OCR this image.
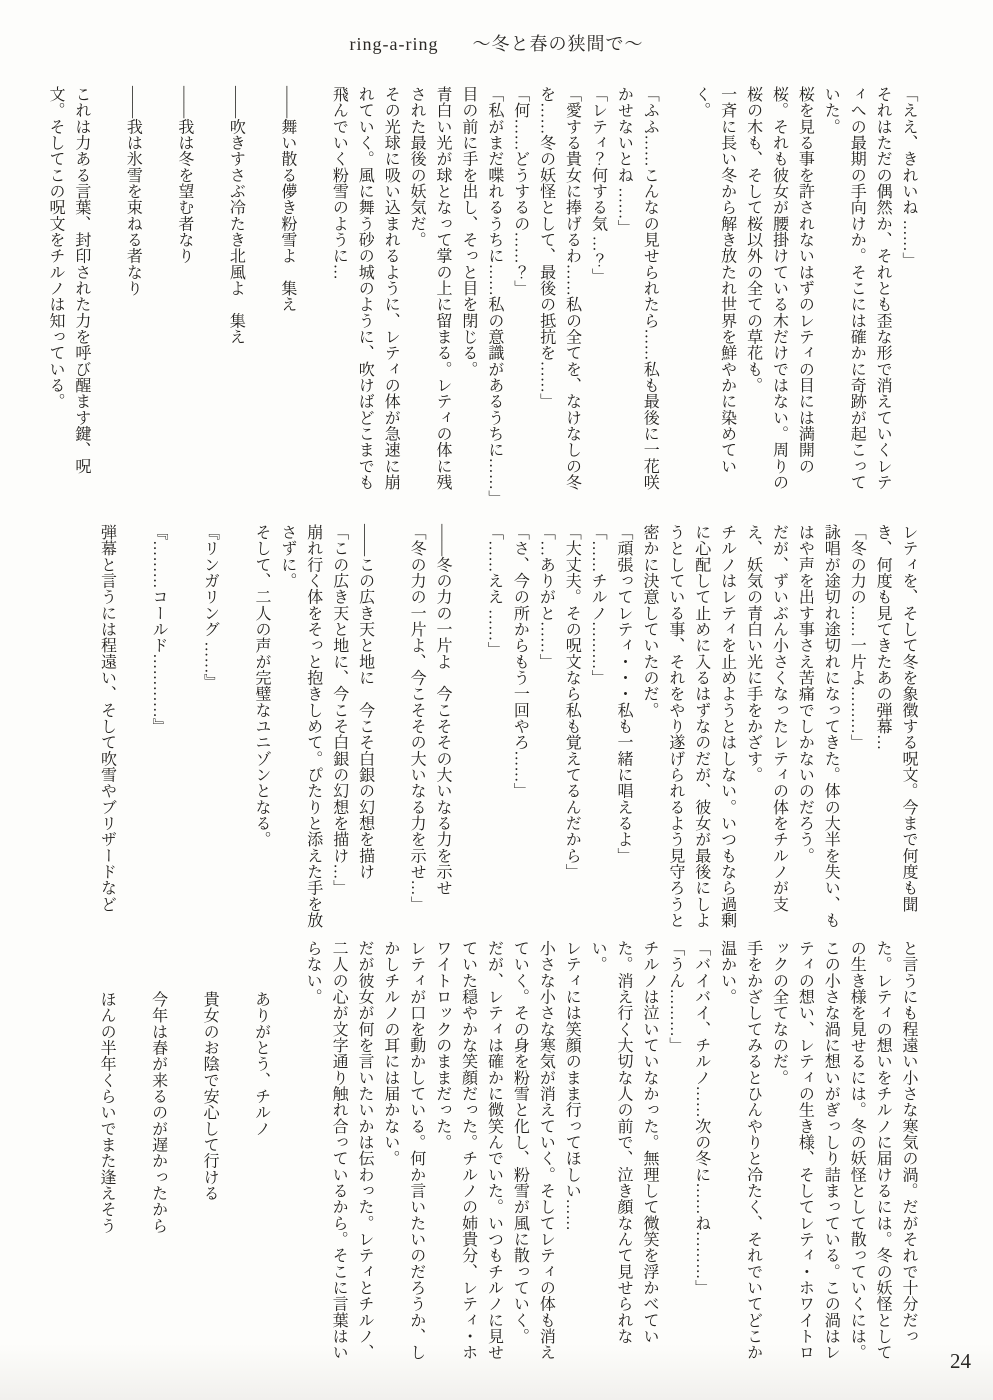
ring-a-ring ～冬と春の狭間で～

「ええ、きれいね ……」

それはただの偶然か、それとも歪な形で消えていくレティへの最期の手向けか。そこには確かに奇跡が起こっていた。

桜を見る事を許されないはずのレティの目には満開の桜。それも彼女が腰掛けている木だけではない。周りの桜の木も、そして桜以外の全ての草花も。

一斉に長い冬から解き放たれ世界を鮮やかに染めていく。

「ふふ……こんなの見せられたら……私も最後に一花咲かせないとね ……」

「レティ？何する気 …？」

「愛する貴女に捧げるわ……私の全てを、なけなしの冬を……冬の妖怪として、最後の抵抗を……」

「何……どうするの……？」

「私がまだ喋れるうちに……私の意識があるうちに……」

目の前に手を出し、そっと目を閉じる。

青白い光が球となって掌の上に留まる。レティの体に残された最後の妖気だ。

その光球に吸い込まれるように、レティの体が急速に崩れていく。風に舞う砂の城のように、吹けばどこまでも飛んでいく粉雪のように…

――舞い散る儚き粉雪よ　集え

――吹きすさぶ冷たき北風よ　集え

――我は冬を望む者なり

――我は氷雪を束ねる者なり

これは力ある言葉、封印された力を呼び醒ます鍵、呪文。そしてこの呪文をチルノは知っている。

レティを、そして冬を象徴する呪文。今まで何度も聞き、何度も見てきたあの弾幕…

「冬の力の……一片よ………」

詠唱が途切れ途切れになってきた。体の大半を失い、もはや声を出す事さえ苦痛でしかないのだろう。

だが、ずいぶん小さくなったレティの体をチルノが支え、妖気の青白い光に手をかざす。

チルノはレティを止めようとはしない。いつもなら過剰に心配して止めに入るはずなのだが、彼女が最後にしようとしている事、それをやり遂げられるよう見守ろうと密かに決意していたのだ。

「頑張ってレティ・・・私も一緒に唱えるよ」

「……チルノ………」

「大丈夫。その呪文なら私も覚えてるんだから」

「…ありがと……」

「さ、今の所からもう一回やろ……」

「……ええ ……」

――冬の力の一片よ　今こそその大いなる力を示せ

「冬の力の一片よ、今こそその大いなる力を示せ…」

――この広き天と地に　今こそ白銀の幻想を描け

「この広き天と地に、今こそ白銀の幻想を描け…」

崩れ行く体をそっと抱きしめて。ぴたりと添えた手を放さずに。

そして、二人の声が完璧なユニゾンとなる。

『リンガリング ……』

『………コールド…………』

弾幕と言うには程遠い、そして吹雪やブリザードなど

と言うにも程遠い小さな寒気の渦。だがそれで十分だった。レティの想いをチルノに届けるには。冬の妖怪としての生き様を見せるには。冬の妖怪として散っていくには。

この小さな渦に想いがぎっしり詰まっている。この渦はレティの想い、レティの生き様、そしてレティ・ホワイトロックの全てなのだ。

手をかざしてみるとひんやりと冷たく、それでいてどこか温かい。

「バイバイ、チルノ……次の冬に……ね………」

「うん………」

チルノは泣いていなかった。無理して微笑を浮かべていた。消え行く大切な人の前で、泣き顔なんて見せられない。

レティには笑顔のまま行ってほしい……

小さな小さな寒気が消えていく。そしてレティの体も消えていく。その身を粉雪と化し、粉雪が風に散っていく。

だが、レティは確かに微笑んでいた。いつもチルノに見せていた穏やかな笑顔だった。チルノの姉貴分、レティ・ホワイトロックのままだった。

レティが口を動かしている。何か言いたいのだろうか、しかしチルノの耳には届かない。

だが彼女が何を言いたいかは伝わった。レティとチルノ、二人の心が文字通り触れ合っているから。そこに言葉はいらない。

ありがとう、チルノ

貴女のお陰で安心して行ける

今年は春が来るのが遅かったから

ほんの半年くらいでまた逢えそう

24
